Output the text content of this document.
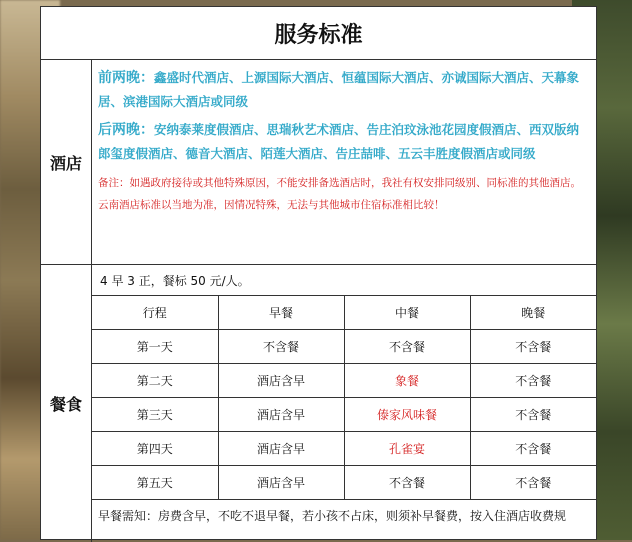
服务标准
酒店

前两晚：鑫盛时代酒店、上源国际大酒店、恒蕴国际大酒店、亦诚国际大酒店、天幕象居、滨港国际大酒店或同级

后两晚：安纳泰莱度假酒店、思瑞秋艺术酒店、告庄泊玟泳池花园度假酒店、西双版纳郎玺度假酒店、德音大酒店、陌莲大酒店、告庄喆啡、五云丰胜度假酒店或同级

备注：如遇政府接待或其他特殊原因，不能安排备选酒店时，我社有权安排同级别、同标准的其他酒店。

云南酒店标准以当地为准，因情况特殊，无法与其他城市住宿标准相比较！

餐食
4 早 3 正，餐标 50 元/人。
行程	早餐	中餐	晚餐
第一天	不含餐	不含餐	不含餐
第二天	酒店含早	象餐	不含餐
第三天	酒店含早	傣家风味餐	不含餐
第四天	酒店含早	孔雀宴	不含餐
第五天	酒店含早	不含餐	不含餐
早餐需知：房费含早，不吃不退早餐，若小孩不占床，则须补早餐费，按入住酒店收费规
